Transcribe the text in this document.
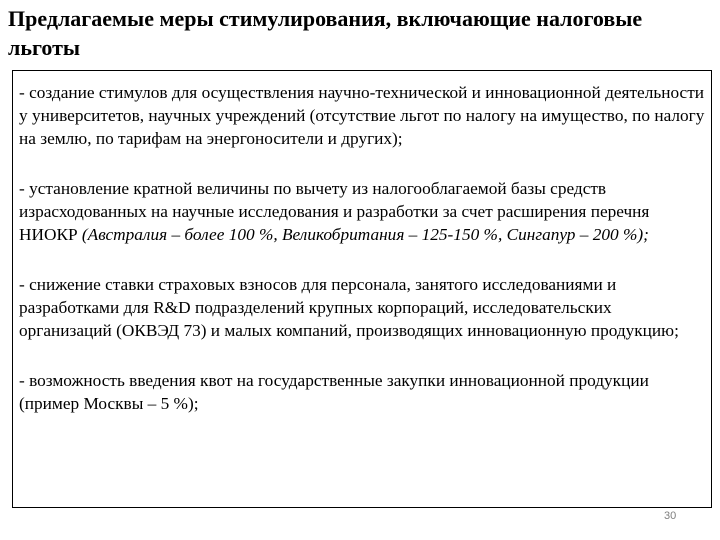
Предлагаемые меры стимулирования, включающие налоговые льготы

- создание стимулов для осуществления научно-технической и инновационной деятельности у университетов, научных учреждений (отсутствие льгот по налогу на имущество, по налогу на землю, по тарифам на энергоносители и других);

- установление кратной величины по вычету из налогооблагаемой базы средств израсходованных на научные исследования и разработки за счет расширения перечня НИОКР (Австралия – более 100 %, Великобритания – 125-150 %, Сингапур – 200 %);

- снижение ставки страховых взносов для персонала, занятого исследованиями и разработками для R&D подразделений крупных корпораций, исследовательских организаций (ОКВЭД 73) и малых компаний, производящих инновационную продукцию;

- возможность введения квот на государственные закупки инновационной продукции (пример Москвы – 5 %);

30
